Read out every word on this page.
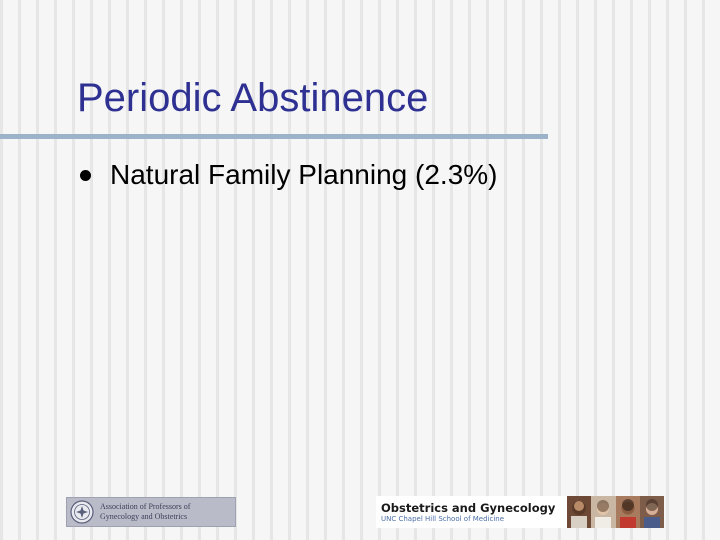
Periodic Abstinence
Natural Family Planning (2.3%)
Association of Professors of
Gynecology and Obstetrics
Obstetrics and Gynecology
UNC Chapel Hill School of Medicine
